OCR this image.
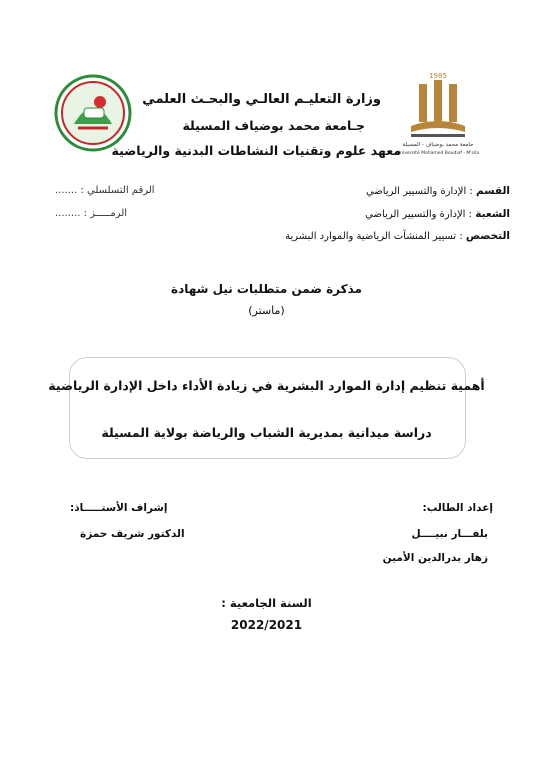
1985
جامعة محمد بوضياف - المسيلة
Université Mohamed Boudiaf - M'sila
وزارة التعليـم العالـي والبحـث العلمي
جـامعة محمد بوضياف المسيلة
معهد علوم وتقنيات النشاطات البدنية والرياضية
القسم : الإدارة والتسيير الرياضي
الشعبة : الإدارة والتسيير الرياضي
التخصص : تسيير المنشآت الرياضية والموارد البشرية
الرقم التسلسلي : .......
الرمـــــز : ........
مذكرة ضمن متطلبات نيل شهادة
(ماستر)
أهمية تنظيم إدارة الموارد البشرية في زيادة الأداء داخل الإدارة الرياضية
دراسة ميدانية بمديرية الشباب والرياضة بولاية المسيلة
إعداد الطالب:
بلفـــار نبيــــل
زهار بدرالدين الأمين
إشراف الأستـــــاذ:
الدكتور شريف حمزة
السنة الجامعية :
2022/2021
